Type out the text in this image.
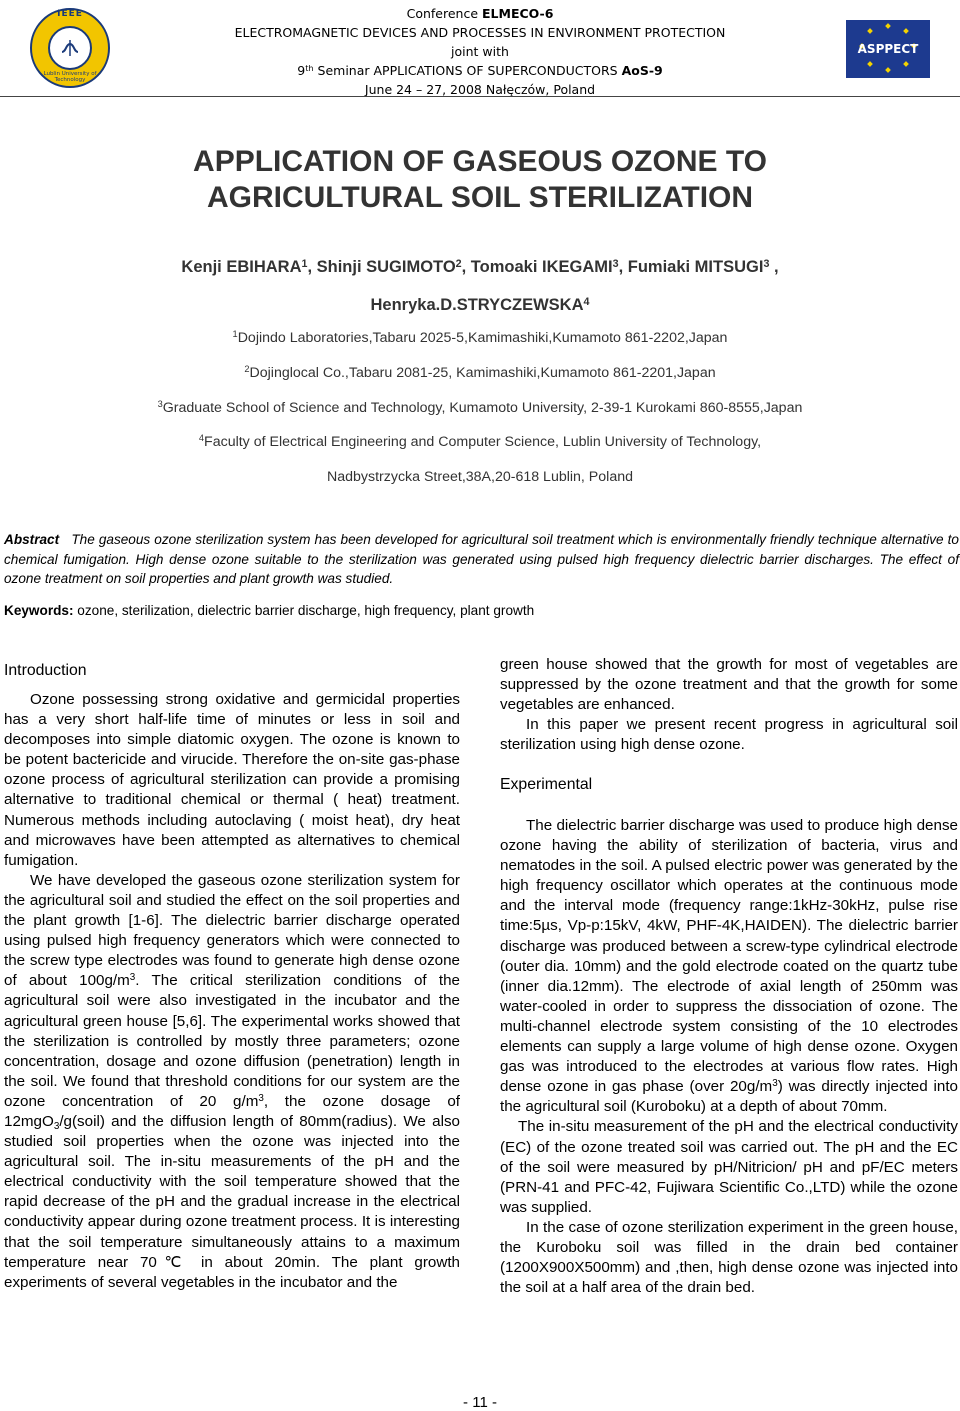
IEEE
Lublin University of Technology
ASPPECT
Conference ELMECO-6
ELECTROMAGNETIC DEVICES AND PROCESSES IN ENVIRONMENT PROTECTION
joint with
9th Seminar APPLICATIONS OF SUPERCONDUCTORS AoS-9
June 24 – 27, 2008 Nałęczów, Poland
APPLICATION OF GASEOUS OZONE TO
AGRICULTURAL SOIL STERILIZATION
Kenji EBIHARA$^1$, Shinji SUGIMOTO$^2$, Tomoaki IKEGAMI$^3$, Fumiaki MITSUGI$^3$ ,
Henryka.D.STRYCZEWSKA$^4$
$^1$Dojindo Laboratories,Tabaru 2025-5,Kamimashiki,Kumamoto 861-2202,Japan
$^2$Dojinglocal Co.,Tabaru 2081-25, Kamimashiki,Kumamoto 861-2201,Japan
$^3$Graduate School of Science and Technology, Kumamoto University, 2-39-1 Kurokami 860-8555,Japan
$^4$Faculty of Electrical Engineering and Computer Science, Lublin University of Technology,
Nadbystrzycka Street,38A,20-618 Lublin, Poland
Abstract The gaseous ozone sterilization system has been developed for agricultural soil treatment which is environmentally friendly technique alternative to chemical fumigation. High dense ozone suitable to the sterilization was generated using pulsed high frequency dielectric barrier discharges. The effect of ozone treatment on soil properties and plant growth was studied.
Keywords: ozone, sterilization, dielectric barrier discharge, high frequency, plant growth
Introduction

Ozone possessing strong oxidative and germicidal properties has a very short half-life time of minutes or less in soil and decomposes into simple diatomic oxygen. The ozone is known to be potent bactericide and virucide. Therefore the on-site gas-phase ozone process of agricultural sterilization can provide a promising alternative to traditional chemical or thermal ( heat) treatment. Numerous methods including autoclaving ( moist heat), dry heat and microwaves have been attempted as alternatives to chemical fumigation.

We have developed the gaseous ozone sterilization system for the agricultural soil and studied the effect on the soil properties and the plant growth [1-6]. The dielectric barrier discharge operated using pulsed high frequency generators which were connected to the screw type electrodes was found to generate high dense ozone of about $100g/m^3$. The critical sterilization conditions of the agricultural soil were also investigated in the incubator and the agricultural green house [5,6]. The experimental works showed that the sterilization is controlled by mostly three parameters; ozone concentration, dosage and ozone diffusion (penetration) length in the soil. We found that threshold conditions for our system are the ozone concentration of 20 $g/m^3$, the ozone dosage of 12mgO$_3$/g(soil) and the diffusion length of 80mm(radius). We also studied soil properties when the ozone was injected into the agricultural soil. The in-situ measurements of the pH and the electrical conductivity with the soil temperature showed that the rapid decrease of the pH and the gradual increase in the electrical conductivity appear during ozone treatment process. It is interesting that the soil temperature simultaneously attains to a maximum temperature near 70℃ in about 20min. The plant growth experiments of several vegetables in the incubator and the

green house showed that the growth for most of vegetables are suppressed by the ozone treatment and that the growth for some vegetables are enhanced.

In this paper we present recent progress in agricultural soil sterilization using high dense ozone.

Experimental

The dielectric barrier discharge was used to produce high dense ozone having the ability of sterilization of bacteria, virus and nematodes in the soil. A pulsed electric power was generated by the high frequency oscillator which operates at the continuous mode and the interval mode (frequency range:1kHz-30kHz, pulse rise time:5µs, Vp-p:15kV, 4kW, PHF-4K,HAIDEN). The dielectric barrier discharge was produced between a screw-type cylindrical electrode (outer dia. 10mm) and the gold electrode coated on the quartz tube (inner dia.12mm). The electrode of axial length of 250mm was water-cooled in order to suppress the dissociation of ozone. The multi-channel electrode system consisting of the 10 electrodes elements can supply a large volume of high dense ozone. Oxygen gas was introduced to the electrodes at various flow rates. High dense ozone in gas phase (over $20g/m^3$) was directly injected into the agricultural soil (Kuroboku) at a depth of about 70mm.

The in-situ measurement of the pH and the electrical conductivity (EC) of the ozone treated soil was carried out. The pH and the EC of the soil were measured by pH/Nitricion/ pH and pF/EC meters (PRN-41 and PFC-42, Fujiwara Scientific Co.,LTD) while the ozone was supplied.

In the case of ozone sterilization experiment in the green house, the Kuroboku soil was filled in the drain bed container (1200X900X500mm) and ,then, high dense ozone was injected into the soil at a half area of the drain bed.

- 11 -
